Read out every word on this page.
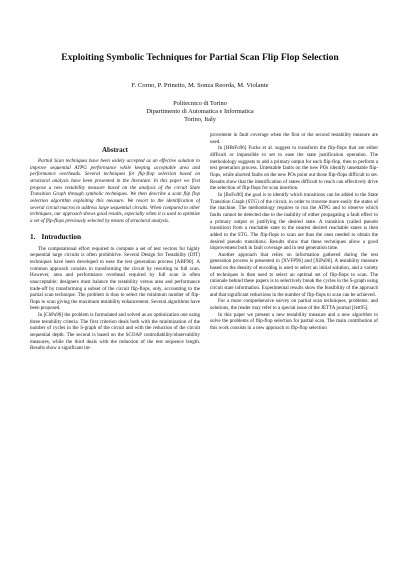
Exploiting Symbolic Techniques for Partial Scan Flip Flop Selection
F. Corno, P. Prinetto, M. Sonza Reorda, M. Violante
Politecnico di Torino
Dipartimento di Automatica e Informatica
Torino, Italy
Abstract

Partial Scan techniques have been widely accepted as an effective solution to improve sequential ATPG performance while keeping acceptable area and performance overheads. Several techniques for flip-flop selection based on structural analysis have been presented in the literature. In this paper we first propose a new testability measure based on the analysis of the circuit State Transition Graph through symbolic techniques. We then describe a scan flip flop selection algorithm exploiting this measure. We resort to the identification of several circuit macros to address large sequential circuits. When compared to other techniques, our approach shows good results, especially when it is used to optimize a set of flip-flops previously selected by means of structural analysis.

1. Introduction

The computational effort required to compute a set of test vectors for highly sequential large circuits is often prohibitive. Several Design for Testability (DfT) techniques have been developed to ease the test generation process [ABF90]. A common approach consists in transforming the circuit by resorting to full scan. However, area and performance overhead required by full scan is often unacceptable; designers must balance the testability versus area and performance trade-off by transforming a subset of the circuit flip-flops, only, accounting to the partial scan technique. The problem is thus to select the minimum number of flip-flops to scan giving the maximum testability enhancement. Several algorithms have been proposed.

In [ChPa90] the problem is formulated and solved as an optimization one using three testability criteria. The first criterion deals both with the minimization of the number of cycles in the S-graph of the circuit and with the reduction of the circuit sequential depth. The second is based on the SCOAP controllability/observability measures, while the third deals with the reduction of the test sequence length. Results show a significant im-

provement in fault coverage when the first or the second testability measure are used.

In [HBtFo96] Fucks et al. suggest to transform the flip-flops that are either difficult or impossible to set to ease the state justification operation. The methodology suggests to add a primary output for each flip-flop, then to perform a test generation process. Untestable faults on the new POs identify unsettable flip-flops, while aborted faults on the new POs point out those flip-flops difficult to set. Results show that the identification of states difficult to reach can effectively drive the selection of flip-flops for scan insertion.

In [BoFu96] the goal is to identify which transitions can be added to the State Transition Graph (STG) of the circuit, in order to traverse more easily the states of the machine. The methodology requires to run the ATPG and to observe which faults cannot be detected due to the inability of either propagating a fault effect to a primary output or justifying the desired state. A transition (called pseudo transition) from a reachable state to the nearest desired reachable states is then added to the STG. The flip-flops to scan are thus the ones needed to obtain the desired pseudo transitions. Results show that these techniques allow a good improvement both in fault coverage and in test generation time.

Another approach that relies on information gathered during the test generation process is presented in [XVFP96] and [XiPa96]. A testability measure based on the density of encoding is used to select an initial solution, and a variety of techniques is then used to select an optimal set of flip-flops to scan. The rationale behind these papers is to selectively break the cycles in the S-graph using circuit state information. Experimental results show the feasibility of the approach and that significant reductions in the number of flip-flops to scan can be achieved.

For a more comprehensive survey on partial scan techniques, problems, and solutions, the reader may refer to a special issue of the JETTA journal [Jett95].

In this paper we present a new testability measure and a new algorithm to solve the problems of flip-flop selection for partial scan. The main contribution of this work consists in a new approach to flip-flop selection
